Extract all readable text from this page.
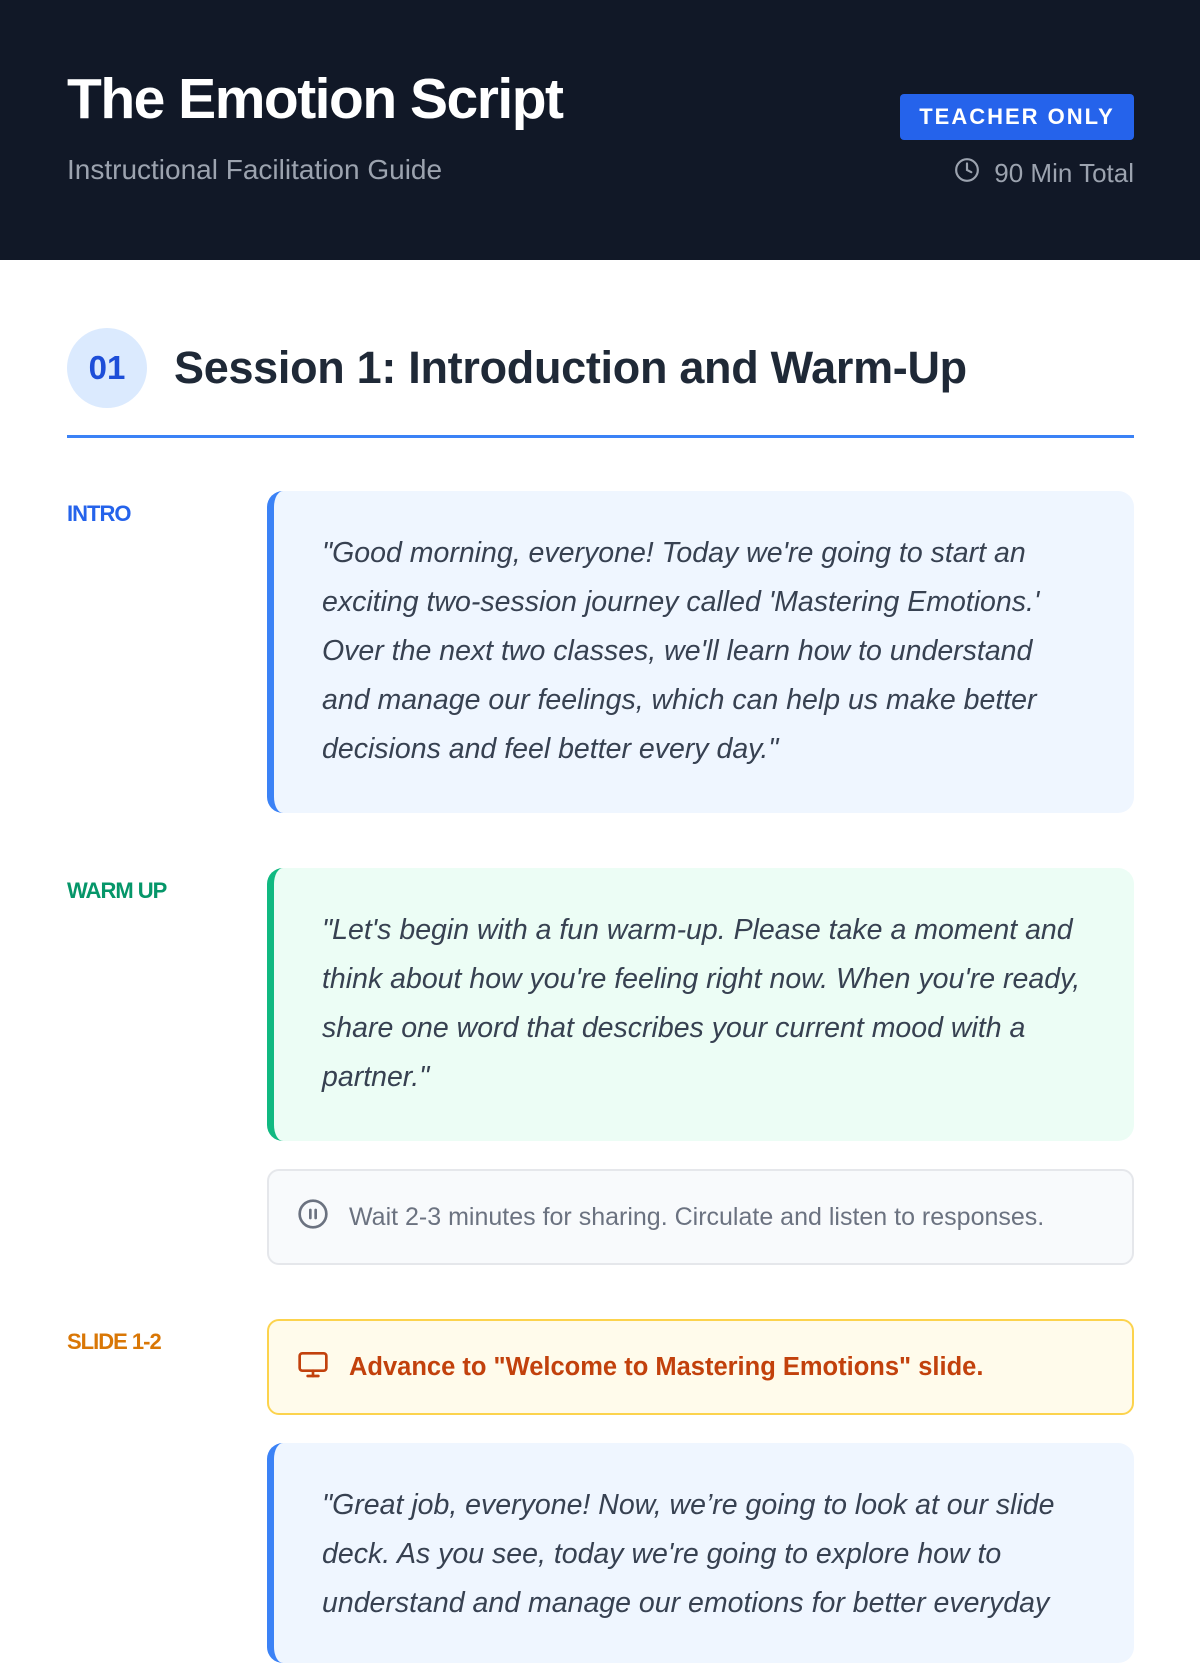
The Emotion Script
Instructional Facilitation Guide
TEACHER ONLY
90 Min Total
01	Session 1: Introduction and Warm-Up
INTRO
"Good morning, everyone! Today we're going to start an exciting two-session journey called 'Mastering Emotions.' Over the next two classes, we'll learn how to understand and manage our feelings, which can help us make better decisions and feel better every day."
WARM UP
"Let's begin with a fun warm-up. Please take a moment and think about how you're feeling right now. When you're ready, share one word that describes your current mood with a partner."
Wait 2-3 minutes for sharing. Circulate and listen to responses.
SLIDE 1-2
Advance to "Welcome to Mastering Emotions" slide.
"Great job, everyone! Now, we’re going to look at our slide deck. As you see, today we're going to explore how to understand and manage our emotions for better everyday
